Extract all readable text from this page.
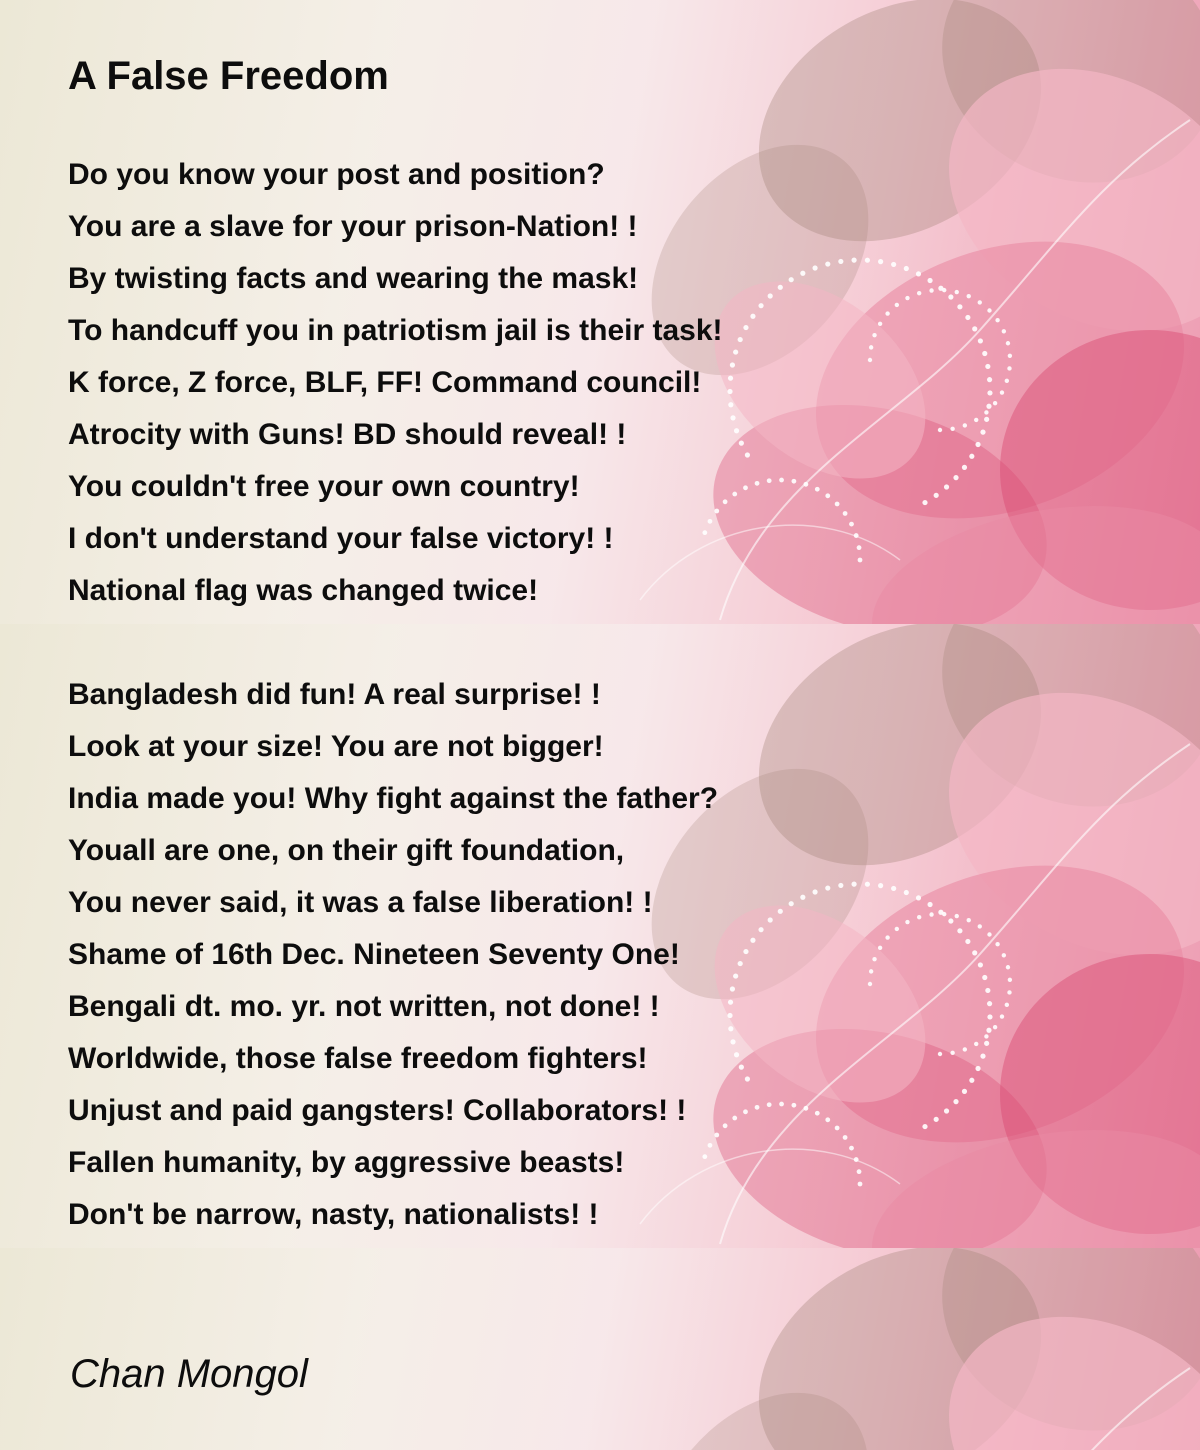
A False Freedom
Do you know your post and position?
You are a slave for your prison-Nation! !
By twisting facts and wearing the mask!
To handcuff you in patriotism jail is their task!
K force, Z force, BLF, FF! Command council!
Atrocity with Guns! BD should reveal! !
You couldn't free your own country!
I don't understand your false victory! !
National flag was changed twice!
Bangladesh did fun! A real surprise! !
Look at your size! You are not bigger!
India made you! Why fight against the father?
Youall are one, on their gift foundation,
You never said, it was a false liberation! !
Shame of 16th Dec. Nineteen Seventy One!
Bengali dt. mo. yr. not written, not done! !
Worldwide, those false freedom fighters!
Unjust and paid gangsters! Collaborators! !
Fallen humanity, by aggressive beasts!
Don't be narrow, nasty, nationalists! !

Chan Mongol
